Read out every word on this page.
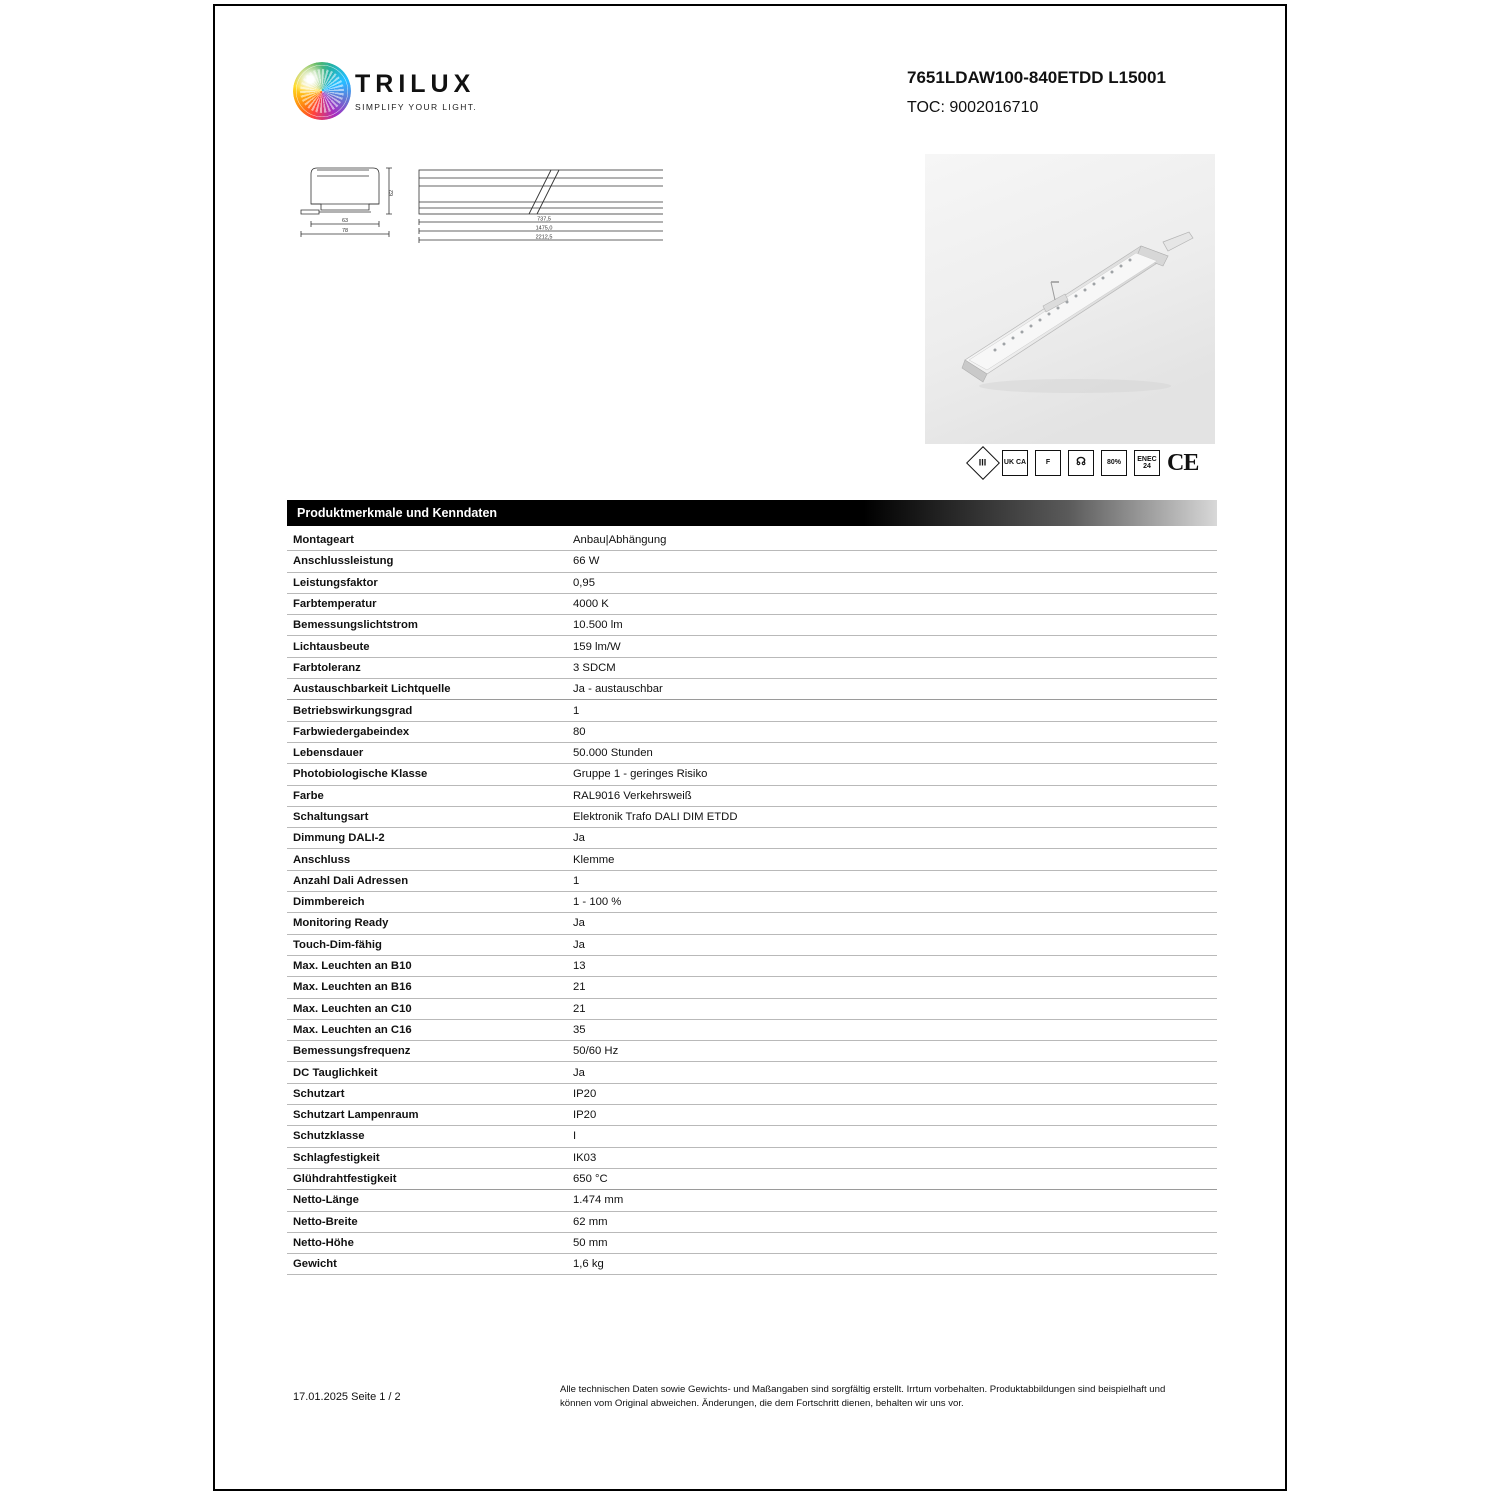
TRILUX
SIMPLIFY YOUR LIGHT.
7651LDAW100-840ETDD L15001
TOC: 9002016710
62
63
78
737,5
1475,0
2212,5
III UK CA	F ☊	80%
ENEC 24 CE
Produktmerkmale und Kenndaten
Montageart	Anbau|Abhängung
Anschlussleistung	66 W
Leistungsfaktor	0,95
Farbtemperatur	4000 K
Bemessungslichtstrom	10.500 lm
Lichtausbeute	159 lm/W
Farbtoleranz	3 SDCM
Austauschbarkeit Lichtquelle	Ja - austauschbar
Betriebswirkungsgrad	1
Farbwiedergabeindex	80
Lebensdauer	50.000 Stunden
Photobiologische Klasse	Gruppe 1 - geringes Risiko
Farbe	RAL9016 Verkehrsweiß
Schaltungsart	Elektronik Trafo DALI DIM ETDD
Dimmung DALI-2	Ja
Anschluss	Klemme
Anzahl Dali Adressen	1
Dimmbereich	1 - 100 %
Monitoring Ready	Ja
Touch-Dim-fähig	Ja
Max. Leuchten an B10	13
Max. Leuchten an B16	21
Max. Leuchten an C10	21
Max. Leuchten an C16	35
Bemessungsfrequenz	50/60 Hz
DC Tauglichkeit	Ja
Schutzart	IP20
Schutzart Lampenraum	IP20
Schutzklasse	I
Schlagfestigkeit	IK03
Glühdrahtfestigkeit	650 °C
Netto-Länge	1.474 mm
Netto-Breite	62 mm
Netto-Höhe	50 mm
Gewicht	1,6 kg
17.01.2025 Seite 1 / 2
Alle technischen Daten sowie Gewichts- und Maßangaben sind sorgfältig erstellt. Irrtum vorbehalten. Produktabbildungen sind beispielhaft und können vom Original abweichen. Änderungen, die dem Fortschritt dienen, behalten wir uns vor.
